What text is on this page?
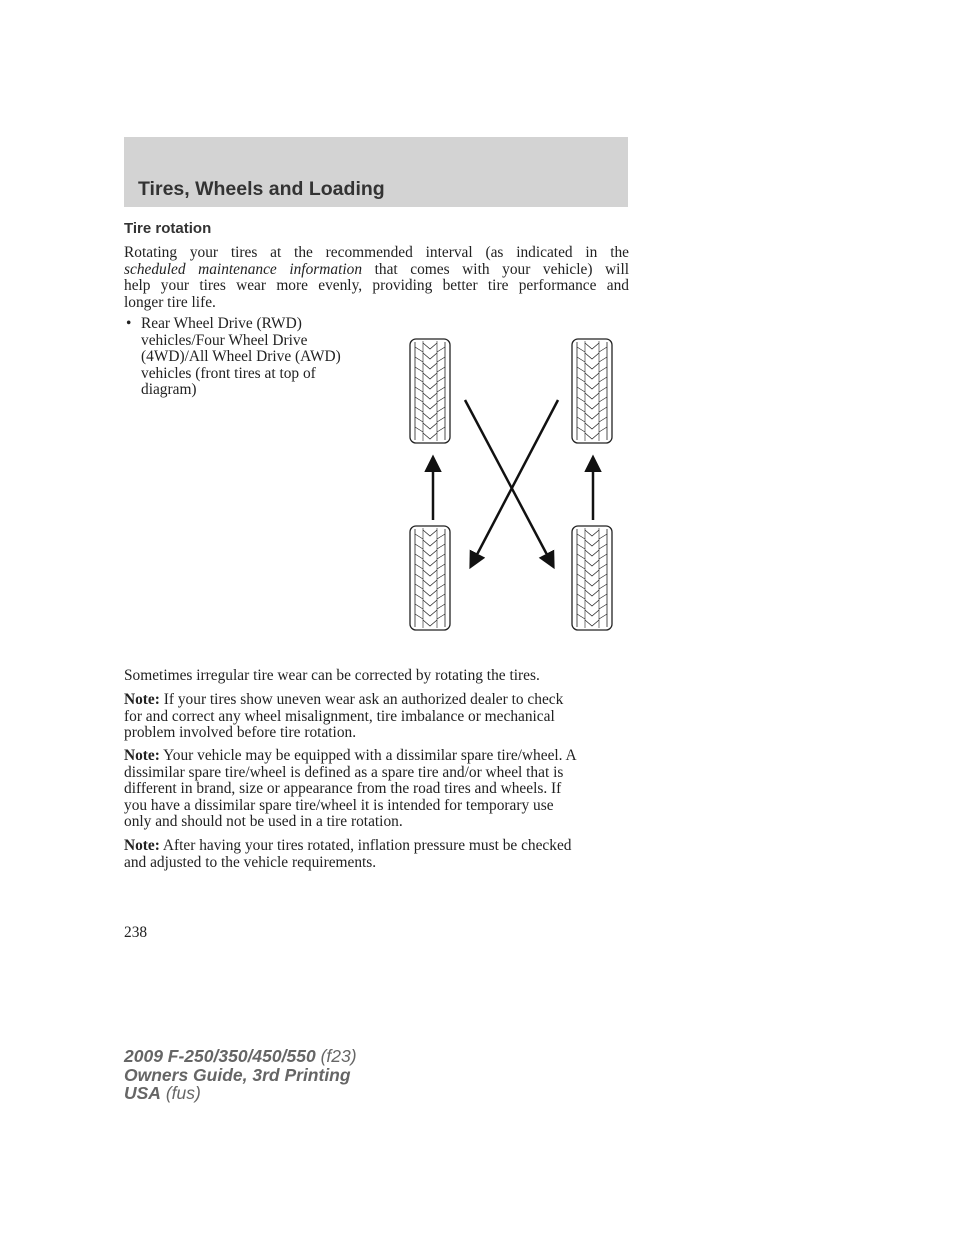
Tires, Wheels and Loading
Tire rotation

Rotating your tires at the recommended interval (as indicated in the
scheduled maintenance information that comes with your vehicle) will
help your tires wear more evenly, providing better tire performance and
longer tire life.

• Rear Wheel Drive (RWD)
vehicles/Four Wheel Drive
(4WD)/All Wheel Drive (AWD)
vehicles (front tires at top of
diagram)

Sometimes irregular tire wear can be corrected by rotating the tires.

Note: If your tires show uneven wear ask an authorized dealer to check
for and correct any wheel misalignment, tire imbalance or mechanical
problem involved before tire rotation.

Note: Your vehicle may be equipped with a dissimilar spare tire/wheel. A
dissimilar spare tire/wheel is defined as a spare tire and/or wheel that is
different in brand, size or appearance from the road tires and wheels. If
you have a dissimilar spare tire/wheel it is intended for temporary use
only and should not be used in a tire rotation.

Note: After having your tires rotated, inflation pressure must be checked
and adjusted to the vehicle requirements.

238
2009 F-250/350/450/550 (f23)
Owners Guide, 3rd Printing
USA (fus)
